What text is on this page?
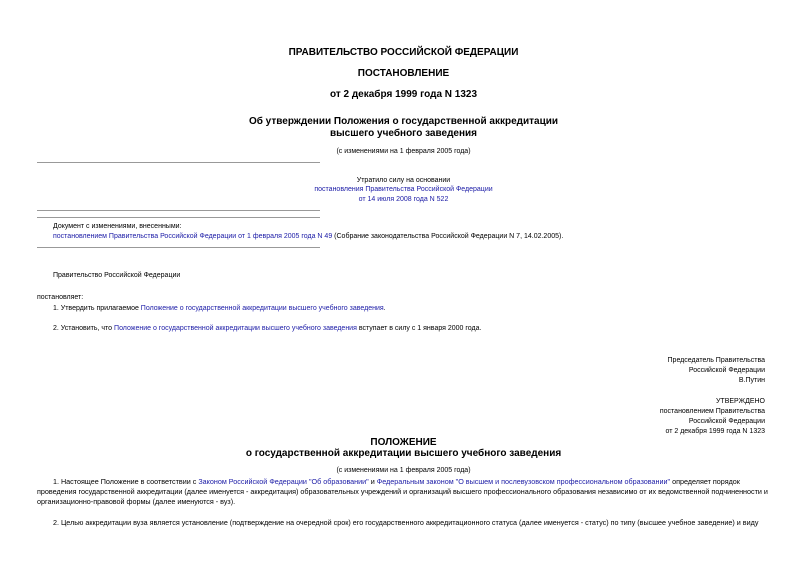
ПРАВИТЕЛЬСТВО РОССИЙСКОЙ ФЕДЕРАЦИИ
ПОСТАНОВЛЕНИЕ
от 2 декабря 1999 года N 1323
Об утверждении Положения о государственной аккредитации
высшего учебного заведения
(с изменениями на 1 февраля 2005 года)
Утратило силу на основании
постановления Правительства Российской Федерации
от 14 июля 2008 года N 522
Документ с изменениями, внесенными:
постановлением Правительства Российской Федерации от 1 февраля 2005 года N 49 (Собрание законодательства Российской Федерации N 7, 14.02.2005).
Правительство Российской Федерации
постановляет:
1. Утвердить прилагаемое Положение о государственной аккредитации высшего учебного заведения.
2. Установить, что Положение о государственной аккредитации высшего учебного заведения вступает в силу с 1 января 2000 года.
Председатель Правительства
Российской Федерации
В.Путин
УТВЕРЖДЕНО
постановлением Правительства
Российской Федерации
от 2 декабря 1999 года N 1323
ПОЛОЖЕНИЕ
о государственной аккредитации высшего учебного заведения
(с изменениями на 1 февраля 2005 года)
1. Настоящее Положение в соответствии с Законом Российской Федерации "Об образовании" и Федеральным законом "О высшем и послевузовском профессиональном образовании" определяет порядок
проведения государственной аккредитации (далее именуется - аккредитация) образовательных учреждений и организаций высшего профессионального образования независимо от их ведомственной подчиненности и
организационно-правовой формы (далее именуются - вуз).
2. Целью аккредитации вуза является установление (подтверждение на очередной срок) его государственного аккредитационного статуса (далее именуется - статус) по типу (высшее учебное заведение) и виду
